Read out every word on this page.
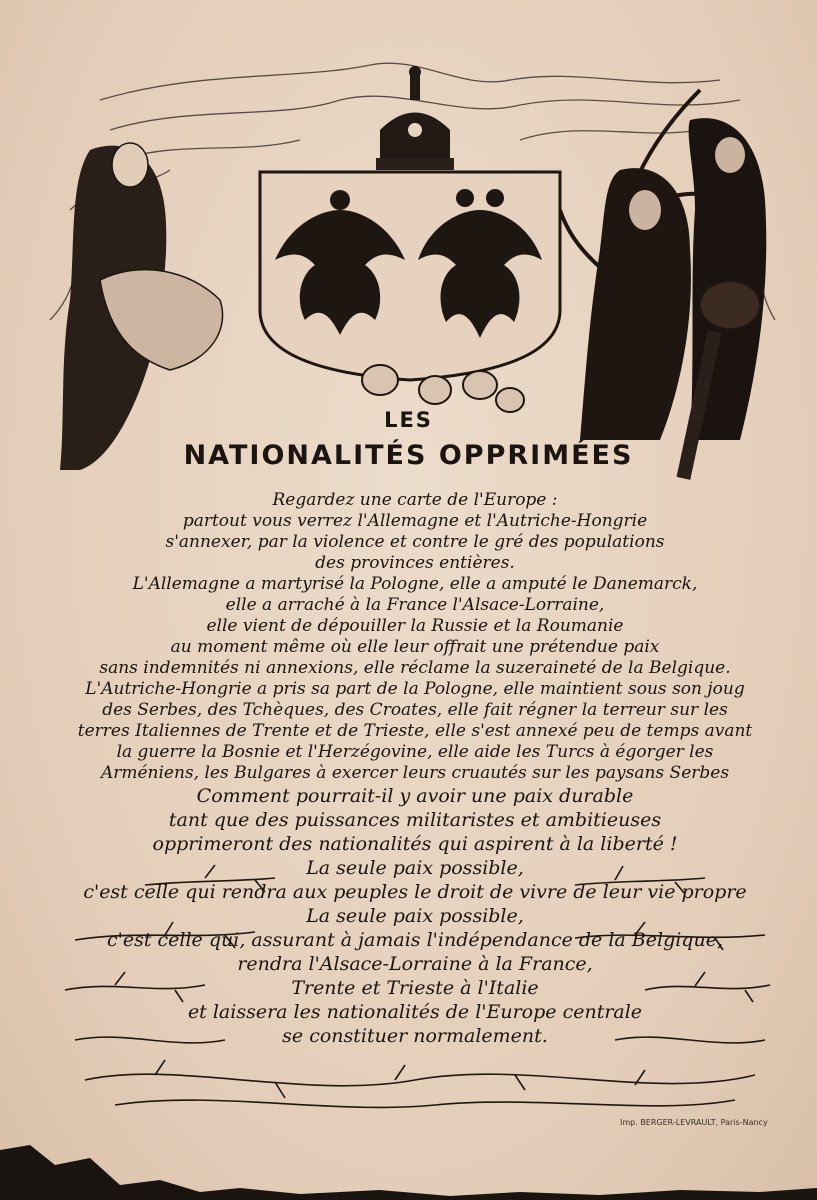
LES
NATIONALITÉS OPPRIMÉES
Regardez une carte de l'Europe :
partout vous verrez l'Allemagne et l'Autriche-Hongrie
s'annexer, par la violence et contre le gré des populations
des provinces entières.
L'Allemagne a martyrisé la Pologne, elle a amputé le Danemarck,
elle a arraché à la France l'Alsace-Lorraine,
elle vient de dépouiller la Russie et la Roumanie
au moment même où elle leur offrait une prétendue paix
sans indemnités ni annexions, elle réclame la suzeraineté de la Belgique.
L'Autriche-Hongrie a pris sa part de la Pologne, elle maintient sous son joug
des Serbes, des Tchèques, des Croates, elle fait régner la terreur sur les
terres Italiennes de Trente et de Trieste, elle s'est annexé peu de temps avant
la guerre la Bosnie et l'Herzégovine, elle aide les Turcs à égorger les
Arméniens, les Bulgares à exercer leurs cruautés sur les paysans Serbes
Comment pourrait-il y avoir une paix durable
tant que des puissances militaristes et ambitieuses
opprimeront des nationalités qui aspirent à la liberté !
La seule paix possible,
c'est celle qui rendra aux peuples le droit de vivre de leur vie propre
La seule paix possible,
c'est celle qui, assurant à jamais l'indépendance de la Belgique,
rendra l'Alsace-Lorraine à la France,
Trente et Trieste à l'Italie
et laissera les nationalités de l'Europe centrale
se constituer normalement.
Imp. BERGER-LEVRAULT, Paris-Nancy
